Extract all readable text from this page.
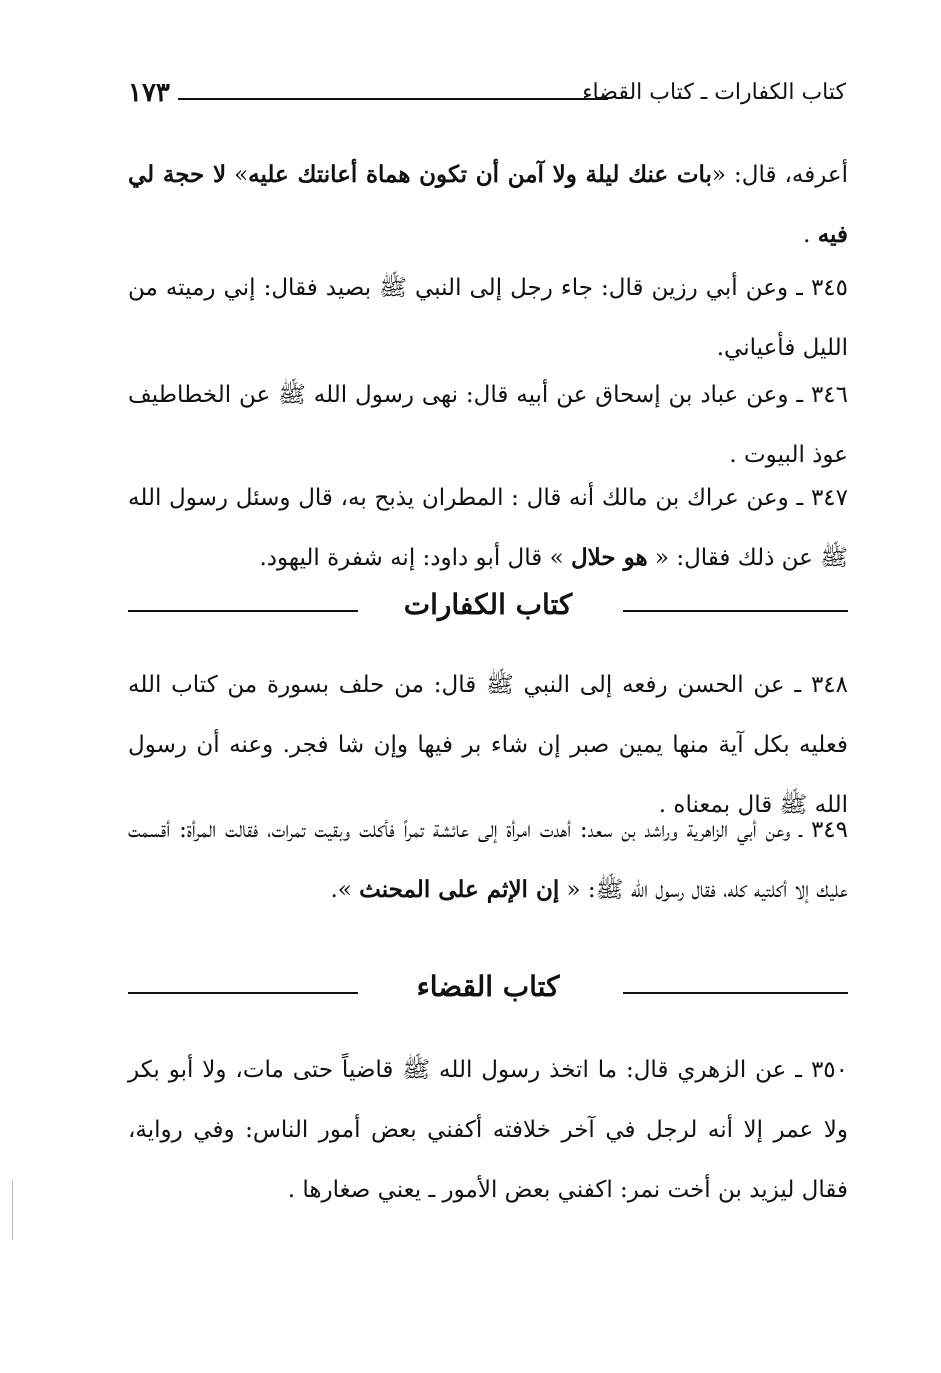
١٧٣	كتاب الكفارات ـ كتاب القضاء
أعرفه، قال: «بات عنك ليلة ولا آمن أن تكون هماة أعانتك عليه» لا حجة لي فيه .
٣٤٥ ـ وعن أبي رزين قال: جاء رجل إلى النبي ﷺ بصيد فقال: إني رميته من الليل فأعياني.
٣٤٦ ـ وعن عباد بن إسحاق عن أبيه قال: نهى رسول الله ﷺ عن الخطاطيف عوذ البيوت .
٣٤٧ ـ وعن عراك بن مالك أنه قال : المطران يذبح به، قال وسئل رسول الله ﷺ عن ذلك فقال: « هو حلال » قال أبو داود: إنه شفرة اليهود.
كتاب الكفارات
٣٤٨ ـ عن الحسن رفعه إلى النبي ﷺ قال: من حلف بسورة من كتاب الله فعليه بكل آية منها يمين صبر إن شاء بر فيها وإن شا فجر. وعنه أن رسول الله ﷺ قال بمعناه .
٣٤٩ ـ وعن أبي الزاهرية وراشد بن سعد: أهدت امرأة إلى عائشة تمراً فأكلت وبقيت تمرات، فقالت المرأة: أقسمت عليك إلا أكلتيه كله، فقال رسول الله ﷺ: « إن الإثم على المحنث ».
كتاب القضاء
٣٥٠ ـ عن الزهري قال: ما اتخذ رسول الله ﷺ قاضياً حتى مات، ولا أبو بكر ولا عمر إلا أنه لرجل في آخر خلافته أكفني بعض أمور الناس: وفي رواية، فقال ليزيد بن أخت نمر: اكفني بعض الأمور ـ يعني صغارها .
